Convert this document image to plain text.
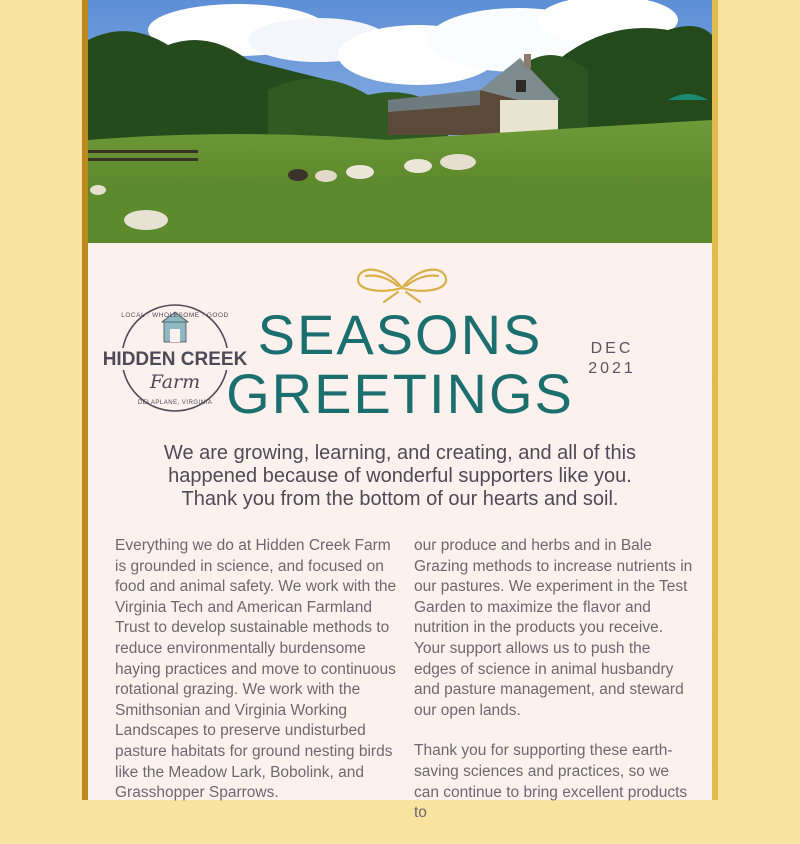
LOCAL · WHOLESOME · GOOD
HIDDEN CREEK
Farm
DELAPLANE, VIRGINIA
SEASONS
GREETINGS
DEC
2021
We are growing, learning, and creating, and all of this
happened because of wonderful supporters like you.
Thank you from the bottom of our hearts and soil.

Everything we do at Hidden Creek Farm is grounded in science, and focused on food and animal safety. We work with the Virginia Tech and American Farmland Trust to develop sustainable methods to reduce environmentally burdensome haying practices and move to continuous rotational grazing. We work with the Smithsonian and Virginia Working Landscapes to preserve undisturbed pasture habitats for ground nesting birds like the Meadow Lark, Bobolink, and Grasshopper Sparrows.

our produce and herbs and in Bale Grazing methods to increase nutrients in our pastures. We experiment in the Test Garden to maximize the flavor and nutrition in the products you receive. Your support allows us to push the edges of science in animal husbandry and pasture management, and steward our open lands.

Thank you for supporting these earth-saving sciences and practices, so we can continue to bring excellent products to
